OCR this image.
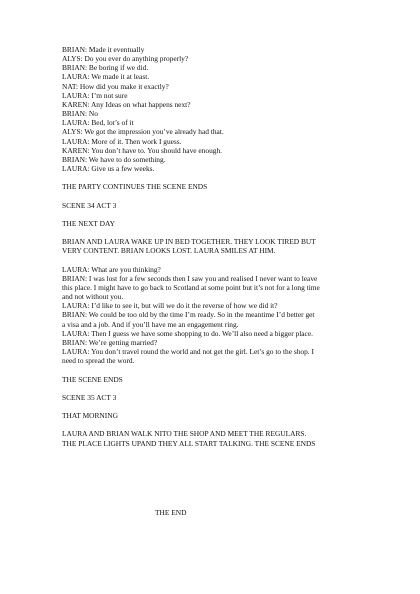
BRIAN: Made it eventually
ALYS: Do you ever do anything properly?
BRIAN: Be boring if we did.
LAURA: We made it at least.
NAT: How did you make it exactly?
LAURA: I’m not sure
KAREN: Any Ideas on what happens next?
BRIAN: No
LAURA: Bed, lot’s of it
ALYS: We got the impression you’ve already had that.
LAURA: More of it. Then work I guess.
KAREN: You don’t have to. You should have enough.
BRIAN: We have to do something.
LAURA: Give us a few weeks.
THE PARTY CONTINUES THE SCENE ENDS
SCENE 34 ACT 3
THE NEXT DAY
BRIAN AND LAURA WAKE UP IN BED TOGETHER. THEY LOOK TIRED BUT
VERY CONTENT. BRIAN LOOKS LOST. LAURA SMILES AT HIM.
LAURA: What are you thinking?
BRIAN: I was lost for a few seconds then I saw you and realised I never want to leave
this place. I might have to go back to Scotland at some point but it’s not for a long time
and not without you.
LAURA: I’d like to see it, but will we do it the reverse of how we did it?
BRIAN: We could be too old by the time I’m ready. So in the meantime I’d better get
a visa and a job. And if you’ll have me an engagement ring.
LAURA: Then I guess we have some shopping to do. We’ll also need a bigger place.
BRIAN: We’re getting married?
LAURA: You don’t travel round the world and not get the girl. Let’s go to the shop. I
need to spread the word.
THE SCENE ENDS
SCENE 35 ACT 3
THAT MORNING
LAURA AND BRIAN WALK NITO THE SHOP AND MEET THE REGULARS.
THE PLACE LIGHTS UPAND THEY ALL START TALKING. THE SCENE ENDS
THE END
